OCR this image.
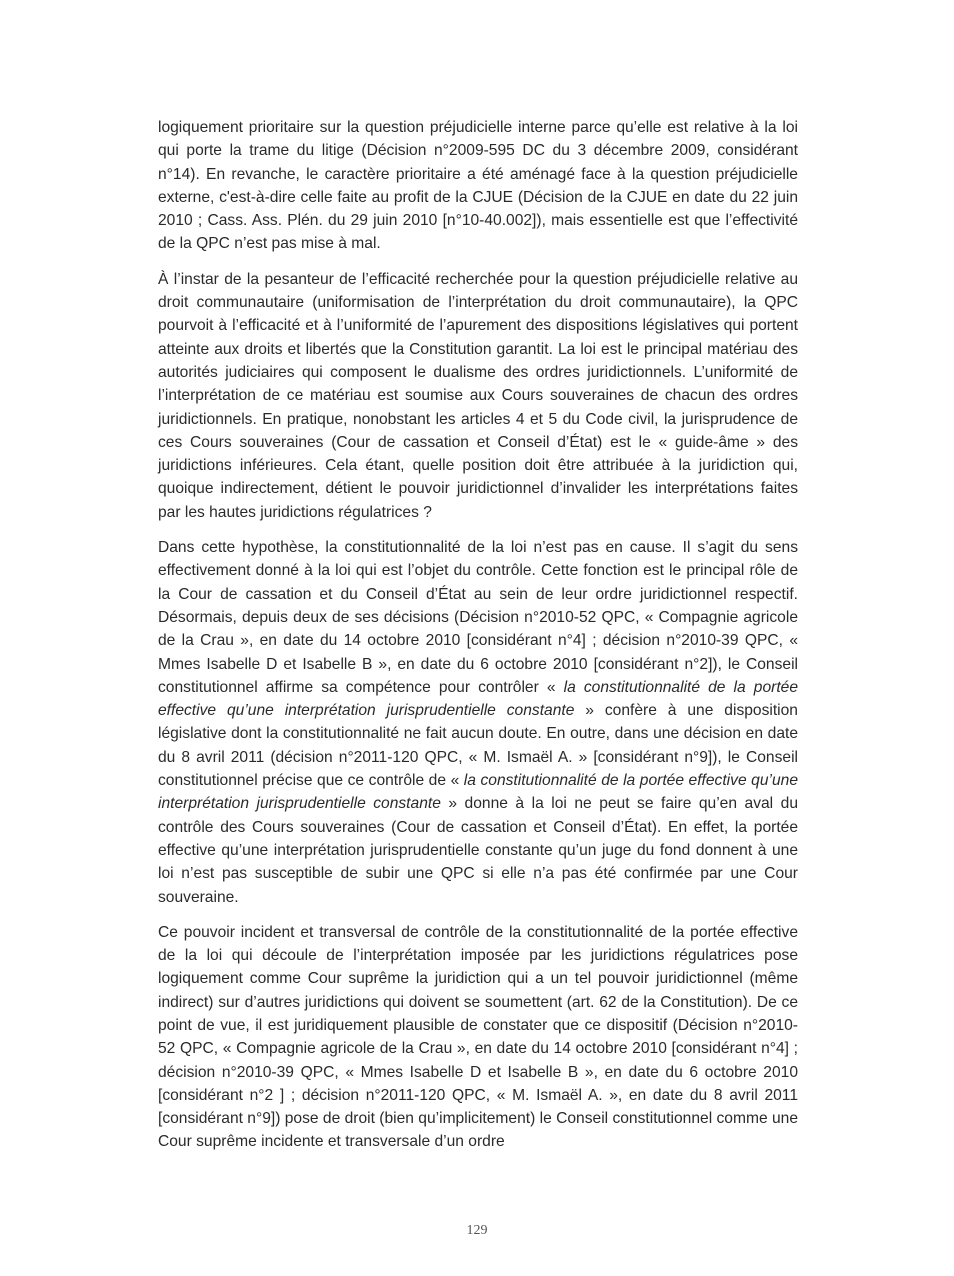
logiquement prioritaire sur la question préjudicielle interne parce qu’elle est relative à la loi qui porte la trame du litige (Décision n°2009-595 DC du 3 décembre 2009, considérant n°14). En revanche, le caractère prioritaire a été aménagé face à la question préjudicielle externe, c'est-à-dire celle faite au profit de la CJUE (Décision de la CJUE en date du 22 juin 2010 ; Cass. Ass. Plén. du 29 juin 2010 [n°10-40.002]), mais essentielle est que l’effectivité de la QPC n’est pas mise à mal.

À l’instar de la pesanteur de l’efficacité recherchée pour la question préjudicielle relative au droit communautaire (uniformisation de l’interprétation du droit communautaire), la QPC pourvoit à l’efficacité et à l’uniformité de l’apurement des dispositions législatives qui portent atteinte aux droits et libertés que la Constitution garantit. La loi est le principal matériau des autorités judiciaires qui composent le dualisme des ordres juridictionnels. L’uniformité de l’interprétation de ce matériau est soumise aux Cours souveraines de chacun des ordres juridictionnels. En pratique, nonobstant les articles 4 et 5 du Code civil, la jurisprudence de ces Cours souveraines (Cour de cassation et Conseil d’État) est le « guide-âme » des juridictions inférieures. Cela étant, quelle position doit être attribuée à la juridiction qui, quoique indirectement, détient le pouvoir juridictionnel d’invalider les interprétations faites par les hautes juridictions régulatrices ?

Dans cette hypothèse, la constitutionnalité de la loi n’est pas en cause. Il s’agit du sens effectivement donné à la loi qui est l’objet du contrôle. Cette fonction est le principal rôle de la Cour de cassation et du Conseil d’État au sein de leur ordre juridictionnel respectif. Désormais, depuis deux de ses décisions (Décision n°2010-52 QPC, « Compagnie agricole de la Crau », en date du 14 octobre 2010 [considérant n°4] ; décision n°2010-39 QPC, « Mmes Isabelle D et Isabelle B », en date du 6 octobre 2010 [considérant n°2]), le Conseil constitutionnel affirme sa compétence pour contrôler « la constitutionnalité de la portée effective qu’une interprétation jurisprudentielle constante » confère à une disposition législative dont la constitutionnalité ne fait aucun doute. En outre, dans une décision en date du 8 avril 2011 (décision n°2011-120 QPC, « M. Ismaël A. » [considérant n°9]), le Conseil constitutionnel précise que ce contrôle de « la constitutionnalité de la portée effective qu’une interprétation jurisprudentielle constante » donne à la loi ne peut se faire qu’en aval du contrôle des Cours souveraines (Cour de cassation et Conseil d’État). En effet, la portée effective qu’une interprétation jurisprudentielle constante qu’un juge du fond donnent à une loi n’est pas susceptible de subir une QPC si elle n’a pas été confirmée par une Cour souveraine.

Ce pouvoir incident et transversal de contrôle de la constitutionnalité de la portée effective de la loi qui découle de l’interprétation imposée par les juridictions régulatrices pose logiquement comme Cour suprême la juridiction qui a un tel pouvoir juridictionnel (même indirect) sur d’autres juridictions qui doivent se soumettent (art. 62 de la Constitution). De ce point de vue, il est juridiquement plausible de constater que ce dispositif (Décision n°2010-52 QPC, « Compagnie agricole de la Crau », en date du 14 octobre 2010 [considérant n°4] ; décision n°2010-39 QPC, « Mmes Isabelle D et Isabelle B », en date du 6 octobre 2010 [considérant n°2 ] ; décision n°2011-120 QPC, « M. Ismaël A. », en date du 8 avril 2011 [considérant n°9]) pose de droit (bien qu’implicitement) le Conseil constitutionnel comme une Cour suprême incidente et transversale d’un ordre

129
